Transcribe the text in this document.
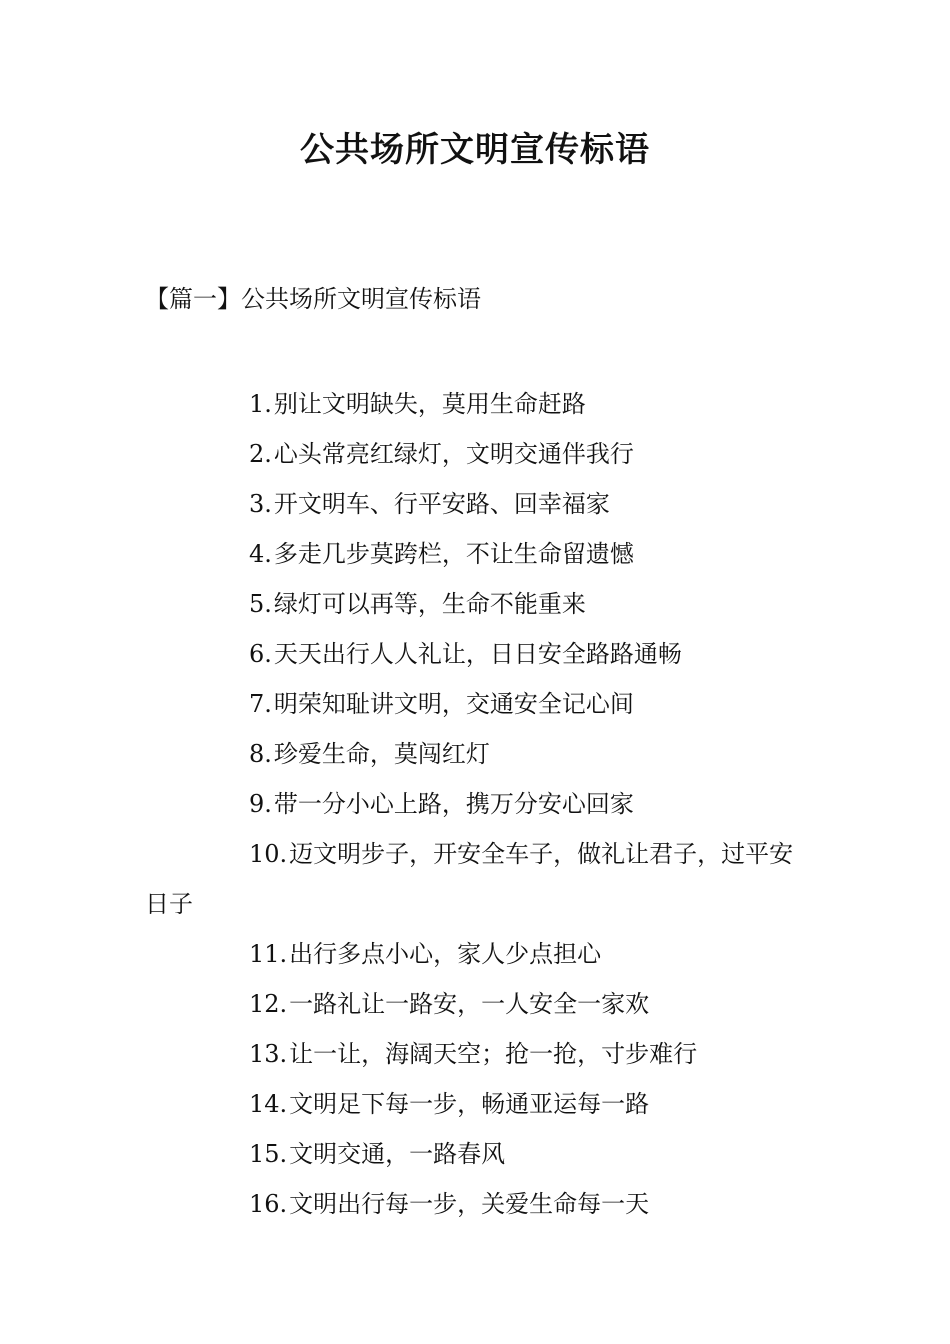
公共场所文明宣传标语
【篇一】公共场所文明宣传标语
1.别让文明缺失，莫用生命赶路
2.心头常亮红绿灯，文明交通伴我行
3.开文明车、行平安路、回幸福家
4.多走几步莫跨栏，不让生命留遗憾
5.绿灯可以再等，生命不能重来
6.天天出行人人礼让，日日安全路路通畅
7.明荣知耻讲文明，交通安全记心间
8.珍爱生命，莫闯红灯
9.带一分小心上路，携万分安心回家
10.迈文明步子，开安全车子，做礼让君子，过平安日子
11.出行多点小心，家人少点担心
12.一路礼让一路安，一人安全一家欢
13.让一让，海阔天空；抢一抢，寸步难行
14.文明足下每一步，畅通亚运每一路
15.文明交通，一路春风
16.文明出行每一步，关爱生命每一天
